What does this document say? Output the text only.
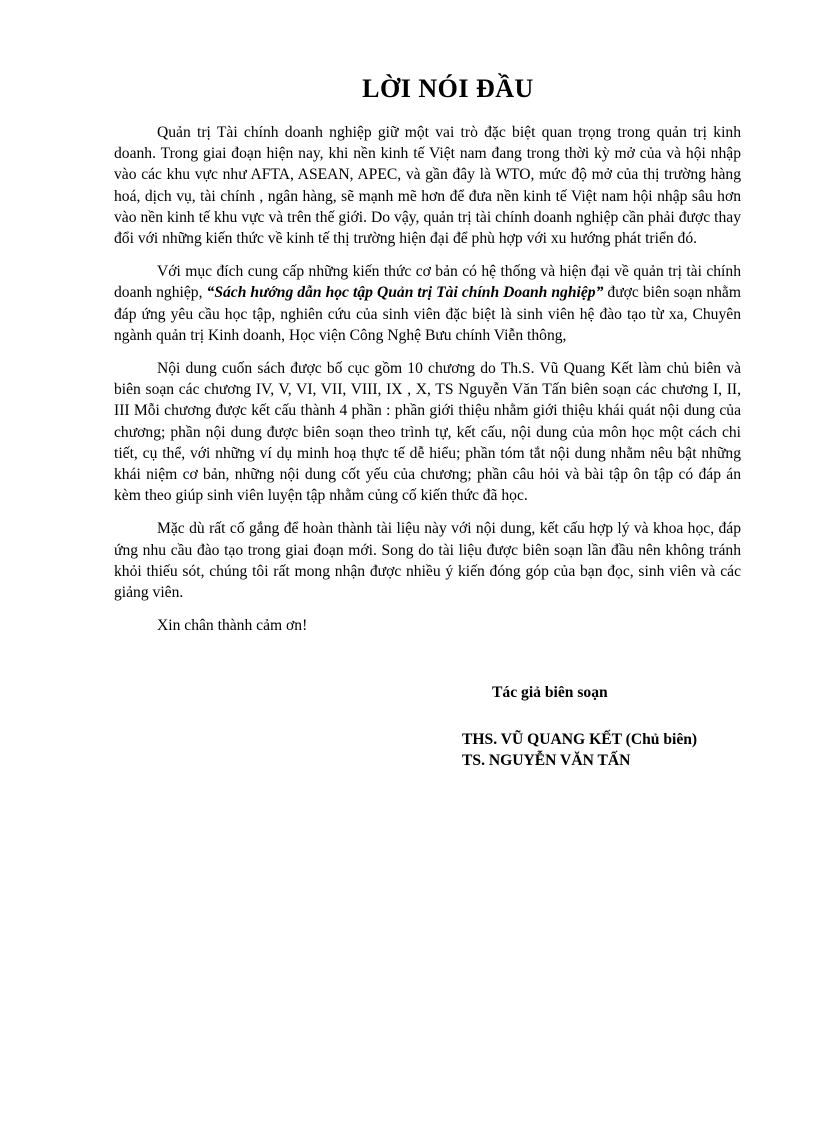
LỜI NÓI ĐẦU

Quản trị Tài chính doanh nghiệp giữ một vai trò đặc biệt quan trọng trong quản trị kinh doanh. Trong giai đoạn hiện nay, khi nền kinh tế Việt nam đang trong thời kỳ mở của và hội nhập vào các khu vực như AFTA, ASEAN, APEC, và gần đây là WTO, mức độ mở của thị trường hàng hoá, dịch vụ, tài chính , ngân hàng, sẽ mạnh mẽ hơn để đưa nền kinh tế Việt nam hội nhập sâu hơn vào nền kinh tế khu vực và trên thế giới. Do vậy, quản trị tài chính doanh nghiệp cần phải được thay đổi với những kiến thức về kinh tế thị trường hiện đại để phù hợp với xu hướng phát triển đó.

Với mục đích cung cấp những kiến thức cơ bản có hệ thống và hiện đại về quản trị tài chính doanh nghiệp, “Sách hướng dẫn học tập Quản trị Tài chính Doanh nghiệp” được biên soạn nhằm đáp ứng yêu cầu học tập, nghiên cứu của sinh viên đặc biệt là sinh viên hệ đào tạo từ xa, Chuyên ngành quản trị Kinh doanh, Học viện Công Nghệ Bưu chính Viễn thông,

Nội dung cuốn sách được bố cục gồm 10 chương do Th.S. Vũ Quang Kết làm chủ biên và biên soạn các chương IV, V, VI, VII, VIII, IX , X, TS Nguyễn Văn Tấn biên soạn các chương I, II, III Mỗi chương được kết cấu thành 4 phần : phần giới thiệu nhằm giới thiệu khái quát nội dung của chương; phần nội dung được biên soạn theo trình tự, kết cấu, nội dung của môn học một cách chi tiết, cụ thể, với những ví dụ minh hoạ thực tế dễ hiểu; phần tóm tắt nội dung nhằm nêu bật những khái niệm cơ bản, những nội dung cốt yếu của chương; phần câu hỏi và bài tập ôn tập có đáp án kèm theo giúp sinh viên luyện tập nhằm củng cố kiến thức đã học.

Mặc dù rất cố gắng để hoàn thành tài liệu này với nội dung, kết cấu hợp lý và khoa học, đáp ứng nhu cầu đào tạo trong giai đoạn mới. Song do tài liệu được biên soạn lần đầu nên không tránh khỏi thiếu sót, chúng tôi rất mong nhận được nhiều ý kiến đóng góp của bạn đọc, sinh viên và các giảng viên.

Xin chân thành cảm ơn!

Tác giả biên soạn
THS. VŨ QUANG KẾT (Chủ biên)
TS. NGUYỄN VĂN TẤN
